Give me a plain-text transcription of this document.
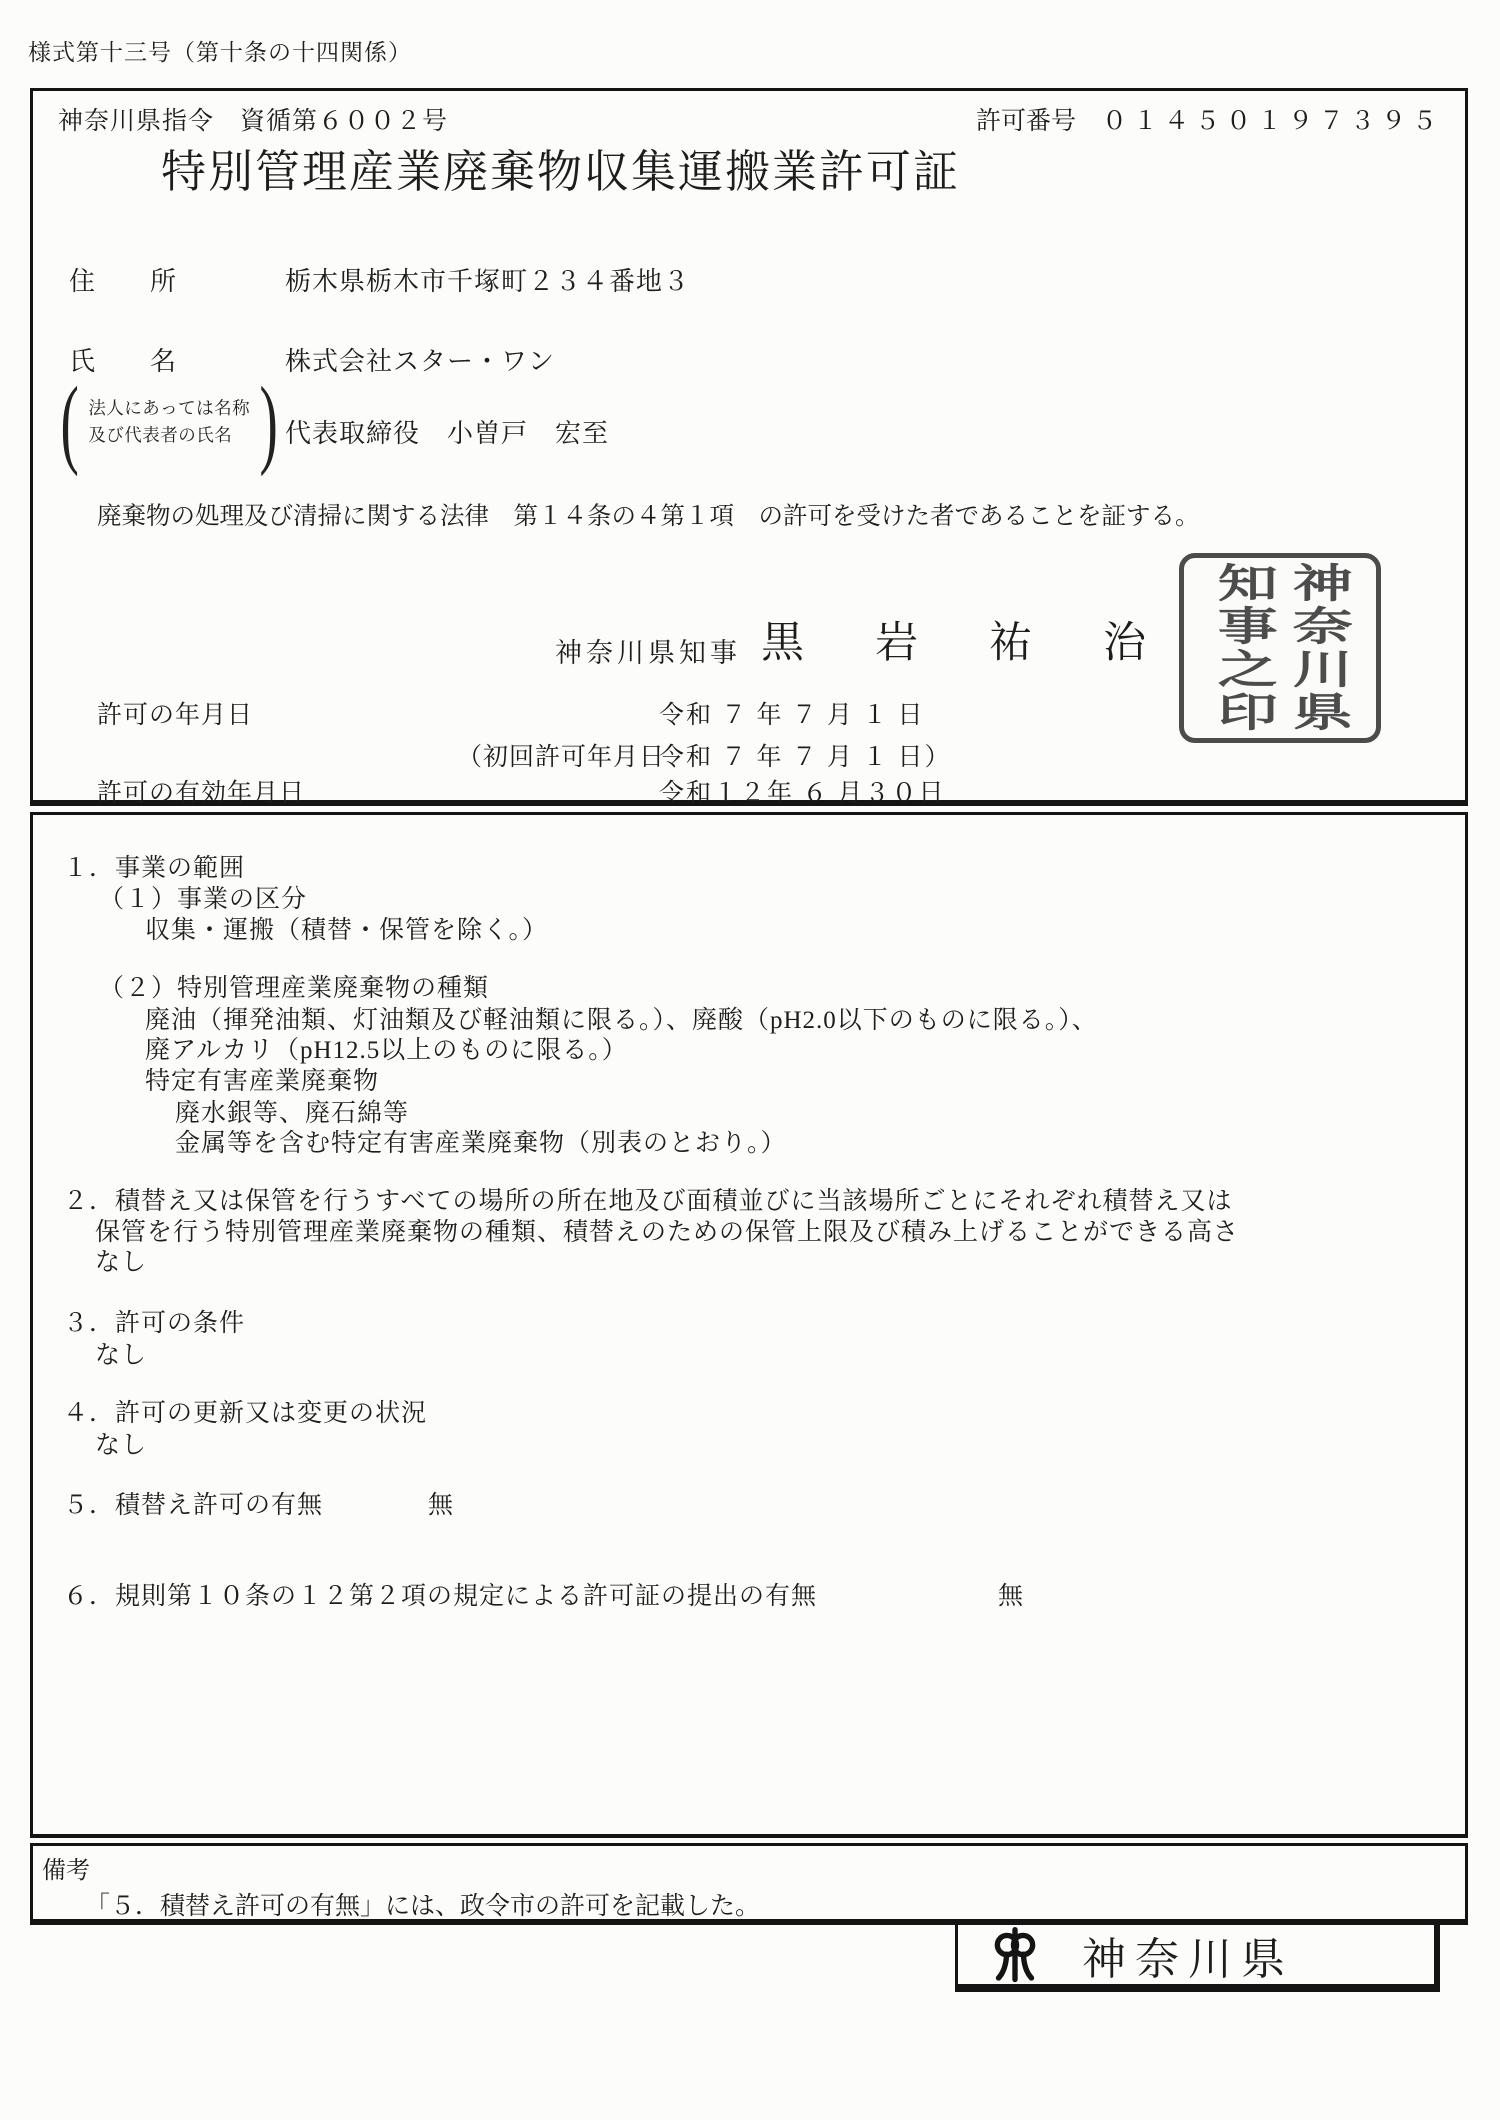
様式第十三号（第十条の十四関係）
神奈川県指令　資循第６００２号	許可番号 ０１４５０１９７３９５
特別管理産業廃棄物収集運搬業許可証
住　　所	栃木県栃木市千塚町２３４番地３
氏　　名	株式会社スター・ワン
( 法人にあっては名称
及び代表者の氏名 ) 代表取締役　小曽戸　宏至
廃棄物の処理及び清掃に関する法律　第１４条の４第１項　の許可を受けた者であることを証する。
神奈川県知事 黒　岩　祐　治	神奈川県
知事之印
許可の年月日	令和 ７ 年 ７ 月 １ 日
（初回許可年月日
令和 ７ 年 ７ 月 １ 日）
許可の有効年月日	令和１２年 ６ 月３０日
１．事業の範囲
（１）事業の区分
収集・運搬（積替・保管を除く。）
（２）特別管理産業廃棄物の種類
廃油（揮発油類、灯油類及び軽油類に限る。）、廃酸（pH2.0以下のものに限る。）、
廃アルカリ（pH12.5以上のものに限る。）
特定有害産業廃棄物
廃水銀等、廃石綿等
金属等を含む特定有害産業廃棄物（別表のとおり。）
２．積替え又は保管を行うすべての場所の所在地及び面積並びに当該場所ごとにそれぞれ積替え又は
保管を行う特別管理産業廃棄物の種類、積替えのための保管上限及び積み上げることができる高さ
なし
３．許可の条件
なし
４．許可の更新又は変更の状況
なし
５．積替え許可の有無	無
６．規則第１０条の１２第２項の規定による許可証の提出の有無	無
備考
「５．積替え許可の有無」には、政令市の許可を記載した。
神奈川県
